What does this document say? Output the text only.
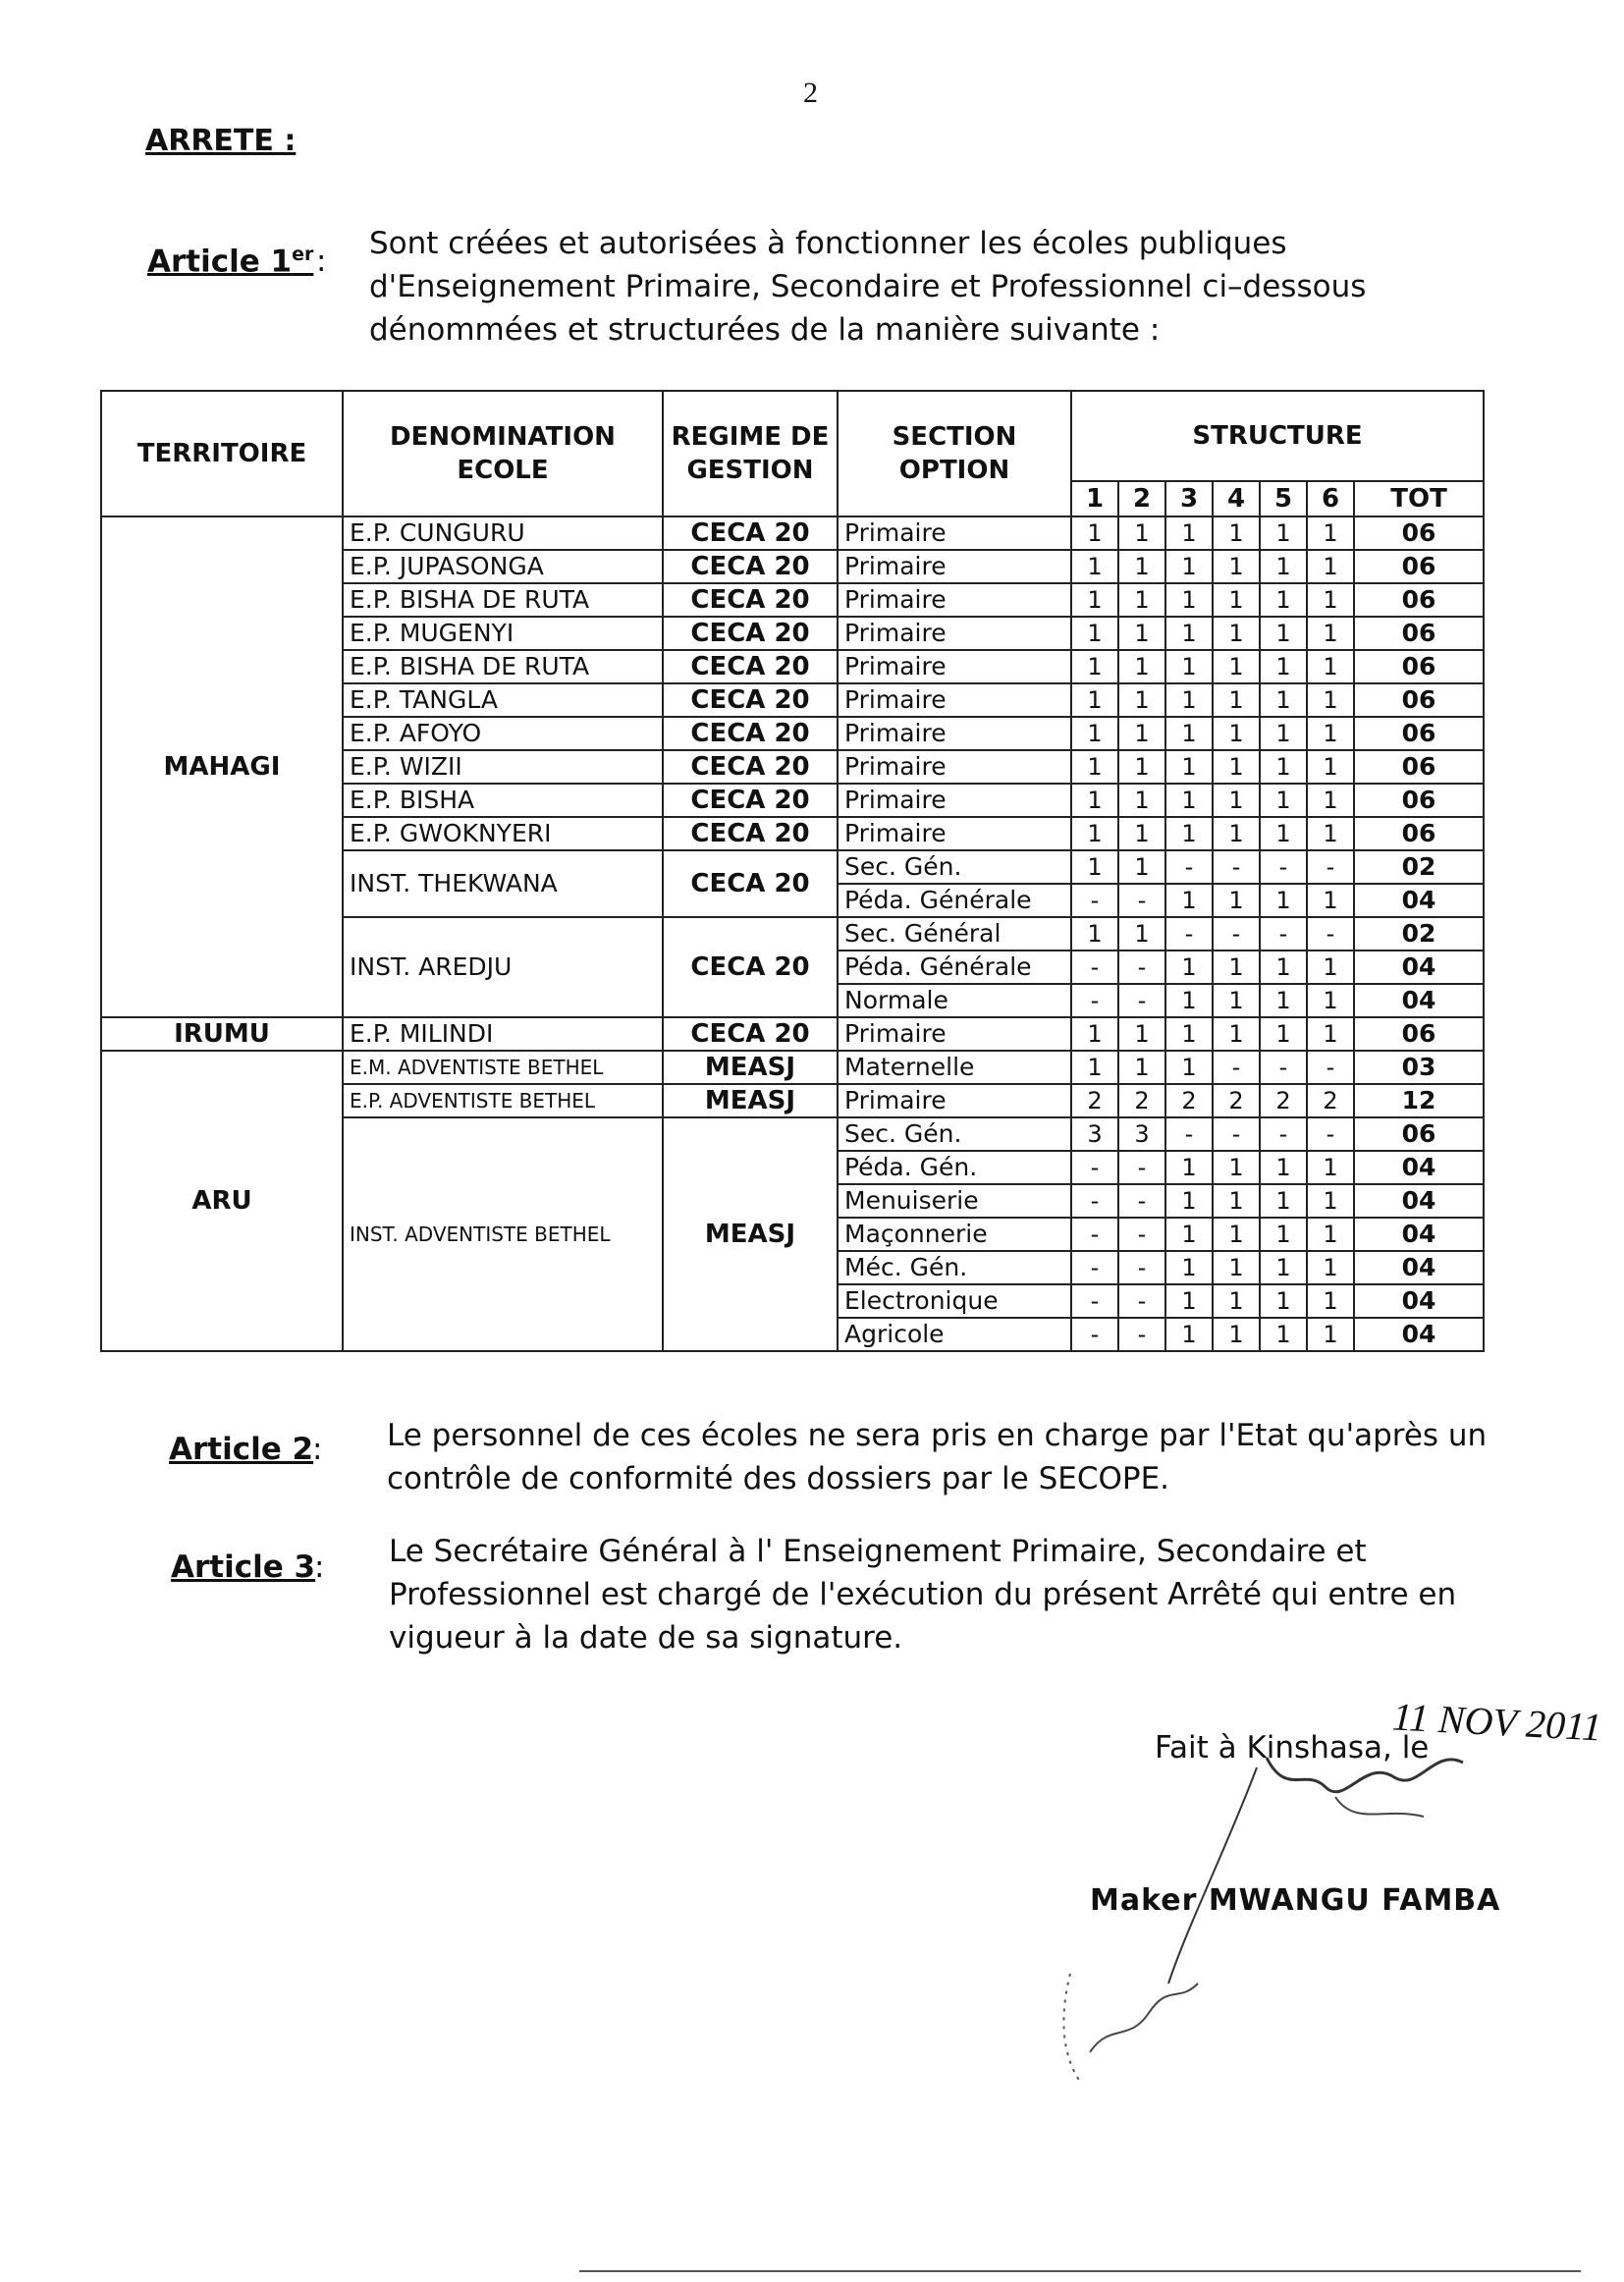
2
ARRETE :
Article 1er : Sont créées et autorisées à fonctionner les écoles publiques d'Enseignement Primaire, Secondaire et Professionnel ci–dessous dénommées et structurées de la manière suivante :
TERRITOIRE	DENOMINATION ECOLE	REGIME DE GESTION	SECTION OPTION	STRUCTURE						
				1	2	3	4	5	6	TOT
MAHAGI	E.P. CUNGURU	CECA 20	Primaire	1	1	1	1	1	1	06
	E.P. JUPASONGA	CECA 20	Primaire	1	1	1	1	1	1	06
	E.P. BISHA DE RUTA	CECA 20	Primaire	1	1	1	1	1	1	06
	E.P. MUGENYI	CECA 20	Primaire	1	1	1	1	1	1	06
	E.P. BISHA DE RUTA	CECA 20	Primaire	1	1	1	1	1	1	06
	E.P. TANGLA	CECA 20	Primaire	1	1	1	1	1	1	06
	E.P. AFOYO	CECA 20	Primaire	1	1	1	1	1	1	06
	E.P. WIZII	CECA 20	Primaire	1	1	1	1	1	1	06
	E.P. BISHA	CECA 20	Primaire	1	1	1	1	1	1	06
	E.P. GWOKNYERI	CECA 20	Primaire	1	1	1	1	1	1	06
	INST. THEKWANA	CECA 20	Sec. Gén.	1	1	-	-	-	-	02
			Péda. Générale	-	-	1	1	1	1	04
	INST. AREDJU	CECA 20	Sec. Général	1	1	-	-	-	-	02
			Péda. Générale	-	-	1	1	1	1	04
			Normale	-	-	1	1	1	1	04
IRUMU	E.P. MILINDI	CECA 20	Primaire	1	1	1	1	1	1	06
ARU	E.M. ADVENTISTE BETHEL	MEASJ	Maternelle	1	1	1	-	-	-	03
	E.P. ADVENTISTE BETHEL	MEASJ	Primaire	2	2	2	2	2	2	12
	INST. ADVENTISTE BETHEL	MEASJ	Sec. Gén.	3	3	-	-	-	-	06
			Péda. Gén.	-	-	1	1	1	1	04
			Menuiserie	-	-	1	1	1	1	04
			Maçonnerie	-	-	1	1	1	1	04
			Méc. Gén.	-	-	1	1	1	1	04
			Electronique	-	-	1	1	1	1	04
			Agricole	-	-	1	1	1	1	04
Article 2
: Le personnel de ces écoles ne sera pris en charge par l'Etat qu'après un contrôle de conformité des dossiers par le SECOPE.
Article 3
: Le Secrétaire Général à l' Enseignement Primaire, Secondaire et Professionnel est chargé de l'exécution du présent Arrêté qui entre en vigueur à la date de sa signature.
Fait à Kinshasa, le
11 NOV 2011
Maker MWANGU FAMBA
